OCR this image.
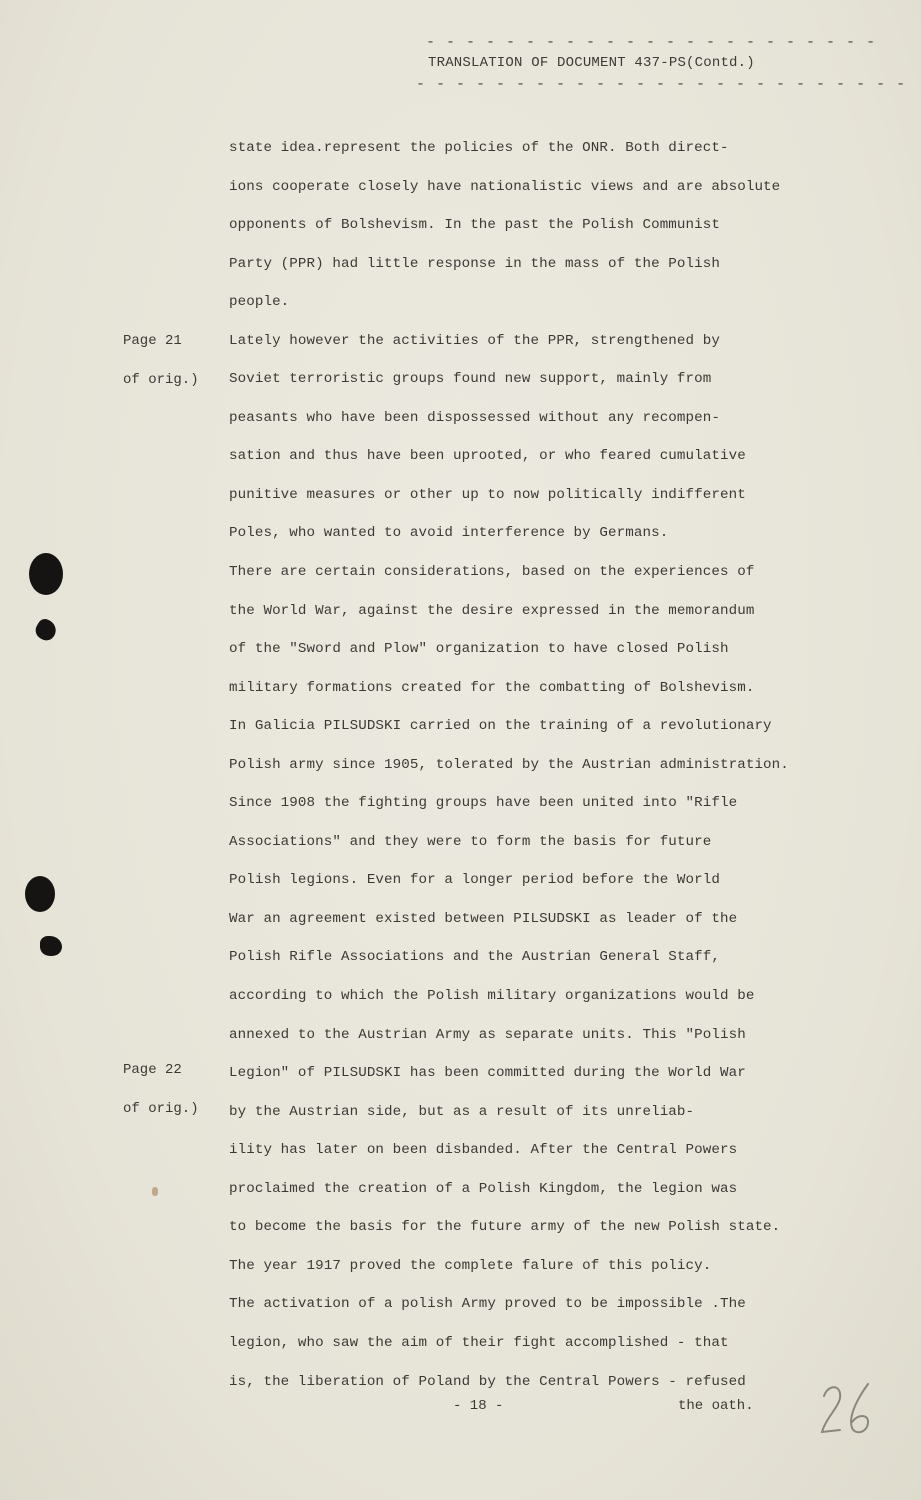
- - - - - - - - - - - - - - - - - - - - - - -
TRANSLATION OF DOCUMENT 437-PS(Contd.)
- - - - - - - - - - - - - - - - - - - - - - - - -
Page 21
of orig.)
Page 22
of orig.)
state idea.represent the policies of the ONR. Both direct-
ions cooperate closely have nationalistic views and are absolute
opponents of Bolshevism. In the past the Polish Communist
Party (PPR) had little response in the mass of the Polish
people.
Lately however the activities of the PPR, strengthened by
Soviet terroristic groups found new support, mainly from
peasants who have been dispossessed without any recompen-
sation and thus have been uprooted, or who feared cumulative
punitive measures or other up to now politically indifferent
Poles, who wanted to avoid interference by Germans.
There are certain considerations, based on the experiences of
the World War, against the desire expressed in the memorandum
of the "Sword and Plow" organization to have closed Polish
military formations created for the combatting of Bolshevism.
In Galicia PILSUDSKI carried on the training of a revolutionary
Polish army since 1905, tolerated by the Austrian administration.
Since 1908 the fighting groups have been united into "Rifle
Associations" and they were to form the basis for future
Polish legions. Even for a longer period before the World
War an agreement existed between PILSUDSKI as leader of the
Polish Rifle Associations and the Austrian General Staff,
according to which the Polish military organizations would be
annexed to the Austrian Army as separate units. This "Polish
Legion" of PILSUDSKI has been committed during the World War
by the Austrian side, but as a result of its unreliab-
ility has later on been disbanded. After the Central Powers
proclaimed the creation of a Polish Kingdom, the legion was
to become the basis for the future army of the new Polish state.
The year 1917 proved the complete falure of this policy.
The activation of a polish Army proved to be impossible .The
legion, who saw the aim of their fight accomplished - that
is, the liberation of Poland by the Central Powers - refused
- 18 -	the oath.
